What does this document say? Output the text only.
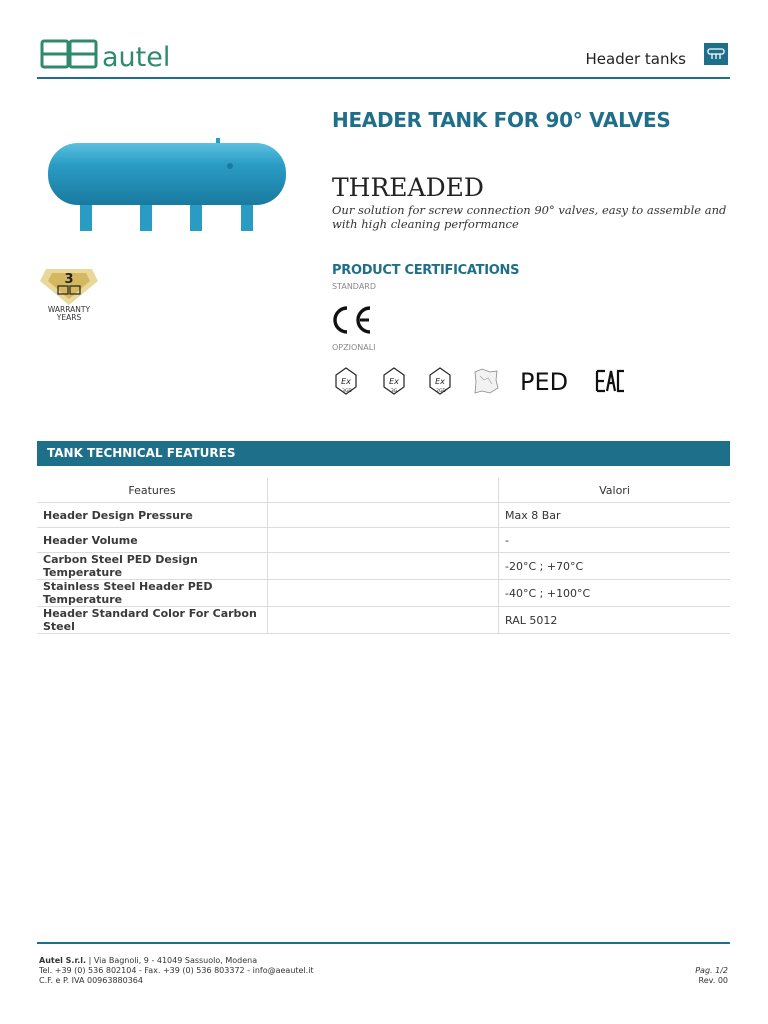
autel	Header tanks
3
WARRANTY
YEARS
HEADER TANK FOR 90° VALVES
THREADED
Our solution for screw connection 90° valves, easy to assemble and with high cleaning performance
PRODUCT CERTIFICATIONS
STANDARD
OPZIONALI
Ex
3GD
Ex
3G
Ex
2GD	PED
TANK TECHNICAL FEATURES
Features		Valori
Header Design Pressure		Max 8 Bar
Header Volume		-
Carbon Steel PED Design Temperature		-20°C ; +70°C
Stainless Steel Header PED Temperature		-40°C ; +100°C
Header Standard Color For Carbon Steel		RAL 5012
Autel S.r.l. | Via Bagnoli, 9 - 41049 Sassuolo, Modena
Tel. +39 (0) 536 802104 - Fax. +39 (0) 536 803372 - info@aeautel.it
C.F. e P. IVA 00963880364
Pag. 1/2
Rev. 00
